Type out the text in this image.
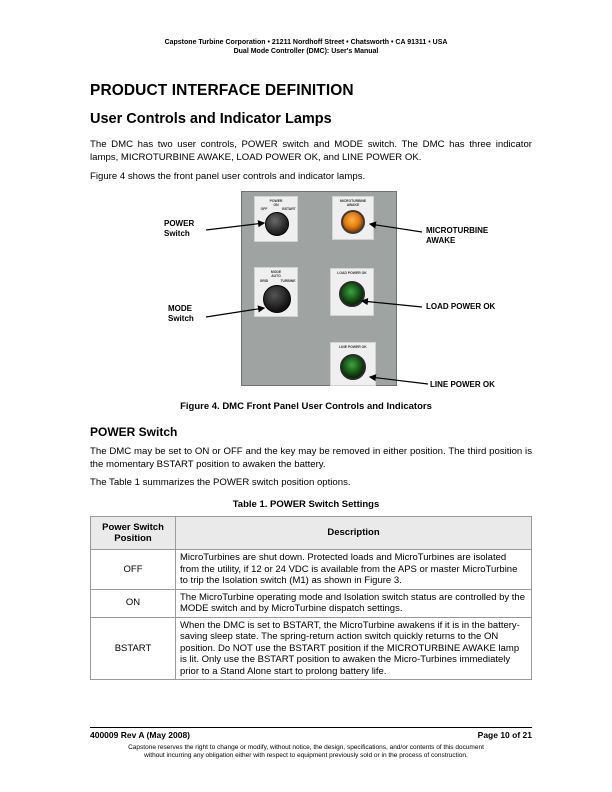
Capstone Turbine Corporation • 21211 Nordhoff Street • Chatsworth • CA 91311 • USA
Dual Mode Controller (DMC): User's Manual
PRODUCT INTERFACE DEFINITION
User Controls and Indicator Lamps
The DMC has two user controls, POWER switch and MODE switch. The DMC has three indicator lamps, MICROTURBINE AWAKE, LOAD POWER OK, and LINE POWER OK.
Figure 4 shows the front panel user controls and indicator lamps.
POWER
ON
OFF	BSTART
MICROTURBINE
AWAKE
MODE
AUTO
GRID	TURBINE
LOAD POWER OK
LINE POWER OK
POWER
Switch
MODE
Switch
MICROTURBINE
AWAKE
LOAD POWER OK
LINE POWER OK
Figure 4. DMC Front Panel User Controls and Indicators
POWER Switch
The DMC may be set to ON or OFF and the key may be removed in either position. The third position is the momentary BSTART position to awaken the battery.
The Table 1 summarizes the POWER switch position options.
Table 1. POWER Switch Settings
Power Switch Position	Description
OFF	MicroTurbines are shut down. Protected loads and MicroTurbines are isolated from the utility, if 12 or 24 VDC is available from the APS or master MicroTurbine to trip the Isolation switch (M1) as shown in Figure 3.
ON	The MicroTurbine operating mode and Isolation switch status are controlled by the MODE switch and by MicroTurbine dispatch settings.
BSTART	When the DMC is set to BSTART, the MicroTurbine awakens if it is in the battery-saving sleep state. The spring-return action switch quickly returns to the ON position. Do NOT use the BSTART position if the MICROTURBINE AWAKE lamp is lit. Only use the BSTART position to awaken the Micro-Turbines immediately prior to a Stand Alone start to prolong battery life.
400009 Rev A (May 2008)	Page 10 of 21
Capstone reserves the right to change or modify, without notice, the design, specifications, and/or contents of this document
without incurring any obligation either with respect to equipment previously sold or in the process of construction.
